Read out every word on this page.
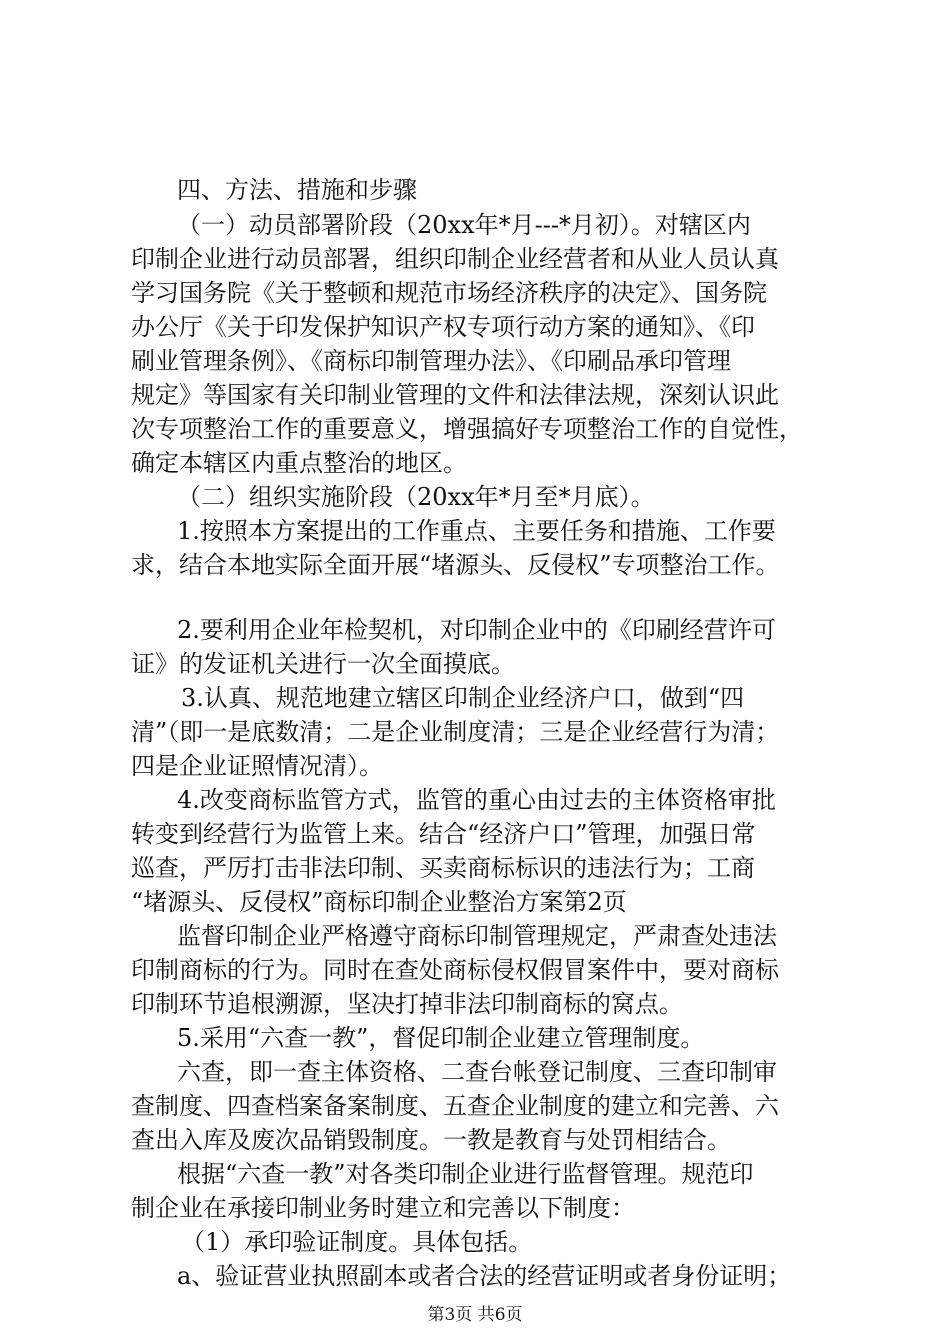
四、方法、措施和步骤

（一）动员部署阶段（20xx年*月---*月初）。对辖区内

印制企业进行动员部署，组织印制企业经营者和从业人员认真

学习国务院《关于整顿和规范市场经济秩序的决定》、国务院

办公厅《关于印发保护知识产权专项行动方案的通知》、《印

刷业管理条例》、《商标印制管理办法》、《印刷品承印管理

规定》等国家有关印制业管理的文件和法律法规，深刻认识此

次专项整治工作的重要意义，增强搞好专项整治工作的自觉性，

确定本辖区内重点整治的地区。

（二）组织实施阶段（20xx年*月至*月底）。

1.按照本方案提出的工作重点、主要任务和措施、工作要

求，结合本地实际全面开展“堵源头、反侵权”专项整治工作。

2.要利用企业年检契机，对印制企业中的《印刷经营许可

证》的发证机关进行一次全面摸底。

3.认真、规范地建立辖区印制企业经济户口，做到“四

清”（即一是底数清；二是企业制度清；三是企业经营行为清；

四是企业证照情况清）。

4.改变商标监管方式，监管的重心由过去的主体资格审批

转变到经营行为监管上来。结合“经济户口”管理，加强日常

巡查，严厉打击非法印制、买卖商标标识的违法行为；工商

“堵源头、反侵权”商标印制企业整治方案第2页

监督印制企业严格遵守商标印制管理规定，严肃查处违法

印制商标的行为。同时在查处商标侵权假冒案件中，要对商标

印制环节追根溯源，坚决打掉非法印制商标的窝点。

5.采用“六查一教”，督促印制企业建立管理制度。

六查，即一查主体资格、二查台帐登记制度、三查印制审

查制度、四查档案备案制度、五查企业制度的建立和完善、六

查出入库及废次品销毁制度。一教是教育与处罚相结合。

根据“六查一教”对各类印制企业进行监督管理。规范印

制企业在承接印制业务时建立和完善以下制度：

（1）承印验证制度。具体包括。

a、验证营业执照副本或者合法的经营证明或者身份证明；

第3页 共6页
